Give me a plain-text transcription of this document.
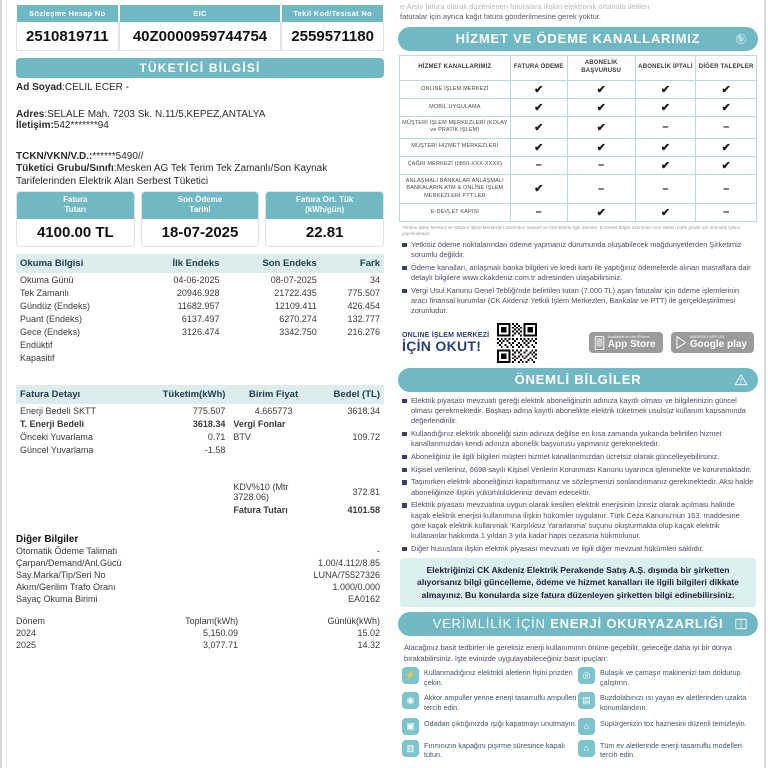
Sözleşme Hesap No	EIC	Tekil Kod/Tesisat No
2510819711	40Z0000959744754	2559571180
TÜKETİCİ BİLGİSİ
Ad Soyad:CELIL ECER -
Adres:SELALE Mah. 7203 Sk. N.11/5,KEPEZ,ANTALYA
İletişim:542*******94
TCKN/VKN/V.D.:******5490//
Tüketici Grubu/Sınıfı:Mesken AG Tek Terim Tek Zamanlı/Son Kaynak Tarifelerinden Elektrik Alan Serbest Tüketici
Fatura
Tutarı
4100.00 TL
Son Ödeme
Tarihi
18-07-2025
Fatura Ort. Tük
(kWh/gün)
22.81
Okuma Bilgisi	İlk Endeks	Son Endeks	Fark
Okuma Günü	04-06-2025	08-07-2025	34
Tek Zamanlı	20946.928	21722.435	775.507
Gündüz (Endeks)	11682.957	12109.411	426.454
Puant (Endeks)	6137.497	6270.274	132.777
Gece (Endeks)	3126.474	3342.750	216.276
Endüktif			
Kapasitif			
Fatura Detayı	Tüketim(kWh)	Birim Fiyat	Bedel (TL)
Enerji Bedeli SKTT	775.507	4.665773	3618.34
T. Enerji Bedeli	3618.34	Vergi Fonlar	
Önceki Yuvarlama	0.71	BTV	109.72
Güncel Yuvarlama	-1.58		

		KDV%10 (Mtr 3728.06)	372.81
		Fatura Tutarı	4101.58
Diğer Bilgiler
Otomatik Ödeme Talimatı	-
Çarpan/Demand/Anl.Gücü	1.00/4.112/8.85
Say.Marka/Tip/Seri No	LUNA/75527326
Akım/Gerilim Trafo Oranı	1.000/0.000
Sayaç Okuma Birimi	EA0162
Dönem	Toplam(kWh)	Günlük(kWh)
2024	5,150.09	15.02
2025	3,077.71	14.32
e-Arşiv fatura olarak düzenlenen faturalara ilişkin elektronik ortamda iletilen
faturalar için ayrıca kağıt fatura gönderilmesine gerek yoktur.
HİZMET VE ÖDEME KANALLARIMIZ
HİZMET KANALLARIMIZ	FATURA ÖDEME	ABONELİK BAŞVURUSU	ABONELİK İPTALİ	DİĞER TALEPLER
ONLİNE İŞLEM MERKEZİ	✔	✔	✔	✔
MOBİL UYGULAMA	✔	✔	✔	✔
MÜŞTERİ İŞLEM MERKEZLERİ (KOLAY ve PRATİK İŞLEM)	✔	✔	–	–
MÜŞTERİ HİZMET MERKEZLERİ	✔	✔	✔	✔
ÇAĞRI MERKEZİ (0850-XXX-XXXX)	–	–	✔	✔
ANLAŞMALI BANKALAR ANLAŞMALI BANKALARIN ATM & ONLİNE İŞLEM MERKEZLERİ PTT'LER	✔	–	–	–
E-DEVLET KAPISI	–	✔	✔	–
*Online İşlem Merkezi ve Müşteri İşlem Merkezleri üzerinden manuel ve hizmetlerle ilgili işlemler, E-Devlet Bilgisi üzerinden size iletilen tarife prodü için otomatik işlemi yapılmaktadır.
Yetkisiz ödeme noktalarından ödeme yapmanız durumunda oluşabilecek mağduriyetlerden Şirketimiz sorumlu değildir.
Ödeme kanalları, anlaşmalı banka bilgileri ve kredi kartı ile yaptığınız ödemelerde alınan masraflara dair detaylı bilgilere www.ckakdeniz.com.tr adresinden ulaşabilirsiniz.
Vergi Usul Kanunu Genel Tebliği'nde belirtilen tutarı (7.000 TL) aşan faturalar için ödeme işlemlerinin aracı finansal kurumlar (CK Akdeniz Yetkili İşlem Merkezleri, Bankalar ve PTT) ile gerçekleştirilmesi zorunludur.
ONLINE İŞLEM MERKEZİ
İÇİN OKUT!
Available on the iPhone
App Store
ANDROID APP ON
Google play
ÖNEMLİ BİLGİLER
Elektrik piyasası mevzuatı gereği elektrik aboneliğinizin adınıza kayıtlı olması ve bilgilerinizin güncel olması gerekmektedir. Başkası adına kayıtlı abonelikte elektrik tüketmek usulsüz kullanım kapsamında değerlendirilir.
Kullandığınız elektrik aboneliği sizin adınıza değilse en kısa zamanda yukarıda belirtilen hizmet kanallarımızdan kendi adınıza abonelik başvurusu yapmanız gerekmektedir.
Aboneliğiniz ile ilgili bilgileri müşteri hizmet kanallarımızdan ücretsiz olarak güncelleyebilirsiniz.
Kişisel verileriniz, 6698 sayılı Kişisel Verilerin Korunması Kanunu uyarınca işlenmekte ve korunmaktadır.
Taşınırken elektrik aboneliğinizi kapattırmanız ve sözleşmenizi sonlandırmanız gerekmektedir. Aksi halde aboneliğinize ilişkin yükümlülükleriniz devam edecektir.
Elektrik piyasası mevzuatına uygun olarak kesilen elektrik enerjisinin izinsiz olarak açılması halinde kaçak elektrik enerjisi kullanımına ilişkin hükümler uygulanır. Türk Ceza Kanunu'nun 163. maddesine göre kaçak elektrik kullanmak 'Karşılıksız Yararlanma' suçunu oluşturmakta olup kaçak elektrik kullananlar hakkında 1 yıldan 3 yıla kadar hapis cezasına hükmolunur.
Diğer hususlara ilişkin elektrik piyasası mevzuatı ve ilgili diğer mevzuat hükümleri saklıdır.
Elektriğinizi CK Akdeniz Elektrik Perakende Satış A.Ş. dışında bir şirketten alıyorsanız bilgi güncelleme, ödeme ve hizmet kanalları ile ilgili bilgileri dikkate almayınız. Bu konularda size fatura düzenleyen şirketten bilgi edinebilirsiniz.
VERİMLİLİK İÇİN ENERJİ OKURYAZARLIĞI
Alacağınız basit tedbirler ile gereksiz enerji kullanımının önüne geçebilir, geleceğe daha iyi bir dünya bırakabilirsiniz. İşte evinizde uygulayabileceğiniz basit ipuçları:
⚡	Kullanmadığınız elektrikli aletlerin fişini prizden çekin.
◎	Bulaşık ve çamaşır makinenizi tam doldurup çalıştırın.
◉	Akkor ampuller yerine enerji tasarruflu ampulleri tercih edin.
▤	Buzdolabınızı ısı yayan ev aletlerinden uzakta konumlandırın.
▣	Odadan çıktığınızda ışığı kapatmayı unutmayın. ⌂	Süpürgenizin toz haznesini düzenli temizleyin.
▥	Fırınınızın kapağını pişirme süresince kapalı tutun.
⌂	Tüm ev aletlerinde enerji tasarruflu modelleri tercih edin.
